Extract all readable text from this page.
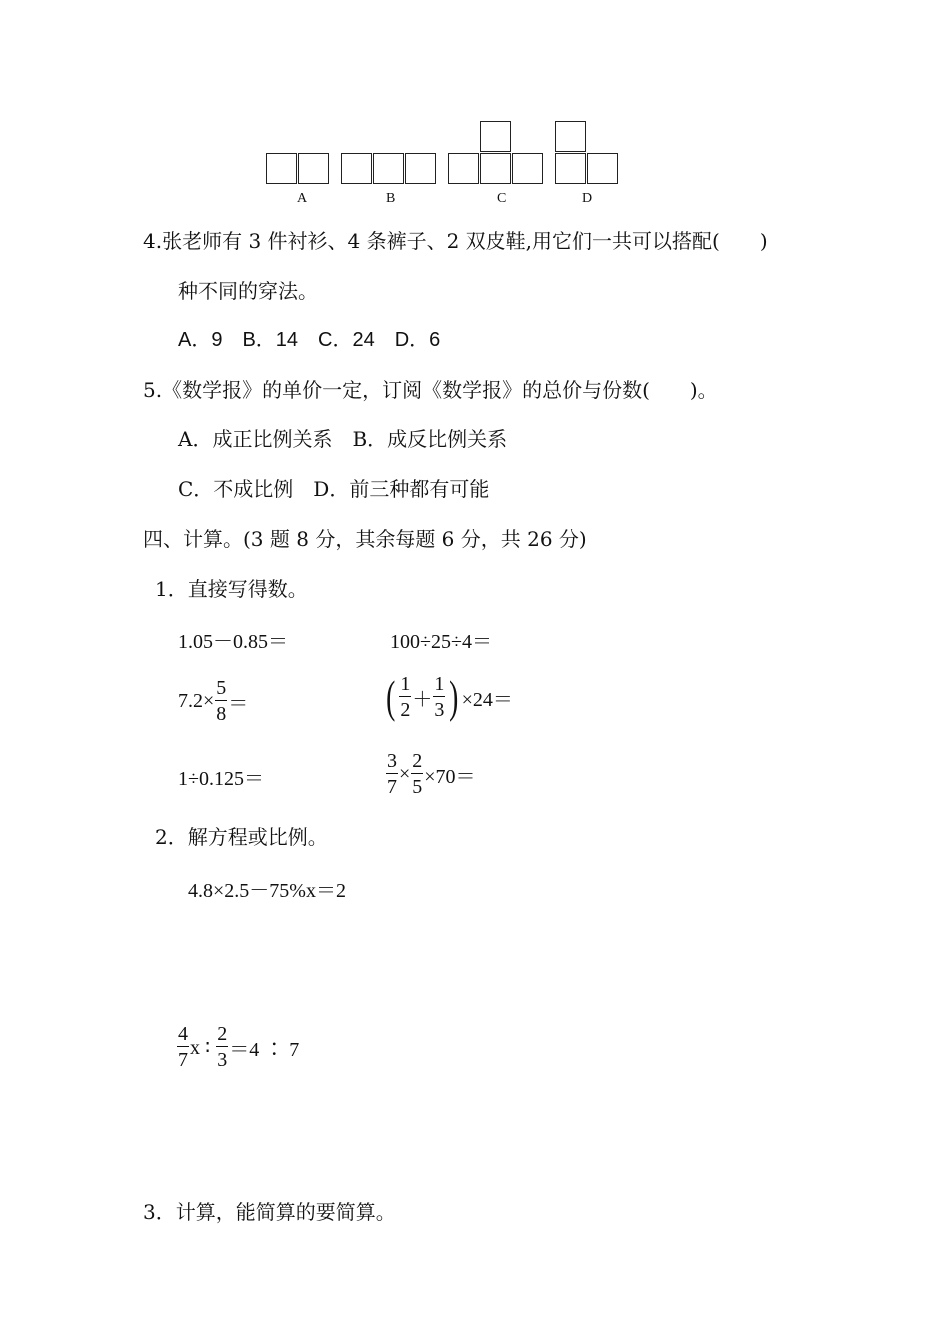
A	B	C	D
4.张老师有 3 件衬衫、4 条裤子、2 双皮鞋,用它们一共可以搭配(　　)
种不同的穿法。
A．9　B．14　C．24　D．6
5.《数学报》的单价一定，订阅《数学报》的总价与份数(　　)。
A．成正比例关系　B．成反比例关系
C．不成比例　D．前三种都有可能
四、计算。(3 题 8 分，其余每题 6 分，共 26 分)
1．直接写得数。
1.05－0.85＝	100÷25÷4＝
$7.2\times \frac{5}{8}$ ＝	( $\frac{1}{2} + \frac{1}{3}$ ) ×24＝
1÷0.125＝	$\frac{3}{7} \times \frac{2}{5} \times 70=$
2．解方程或比例。
4.8×2.5－75%x＝2
$\frac{4}{7}$ x ∶ $\frac{2}{3} =4$ ∶ 7
3．计算，能简算的要简算。
